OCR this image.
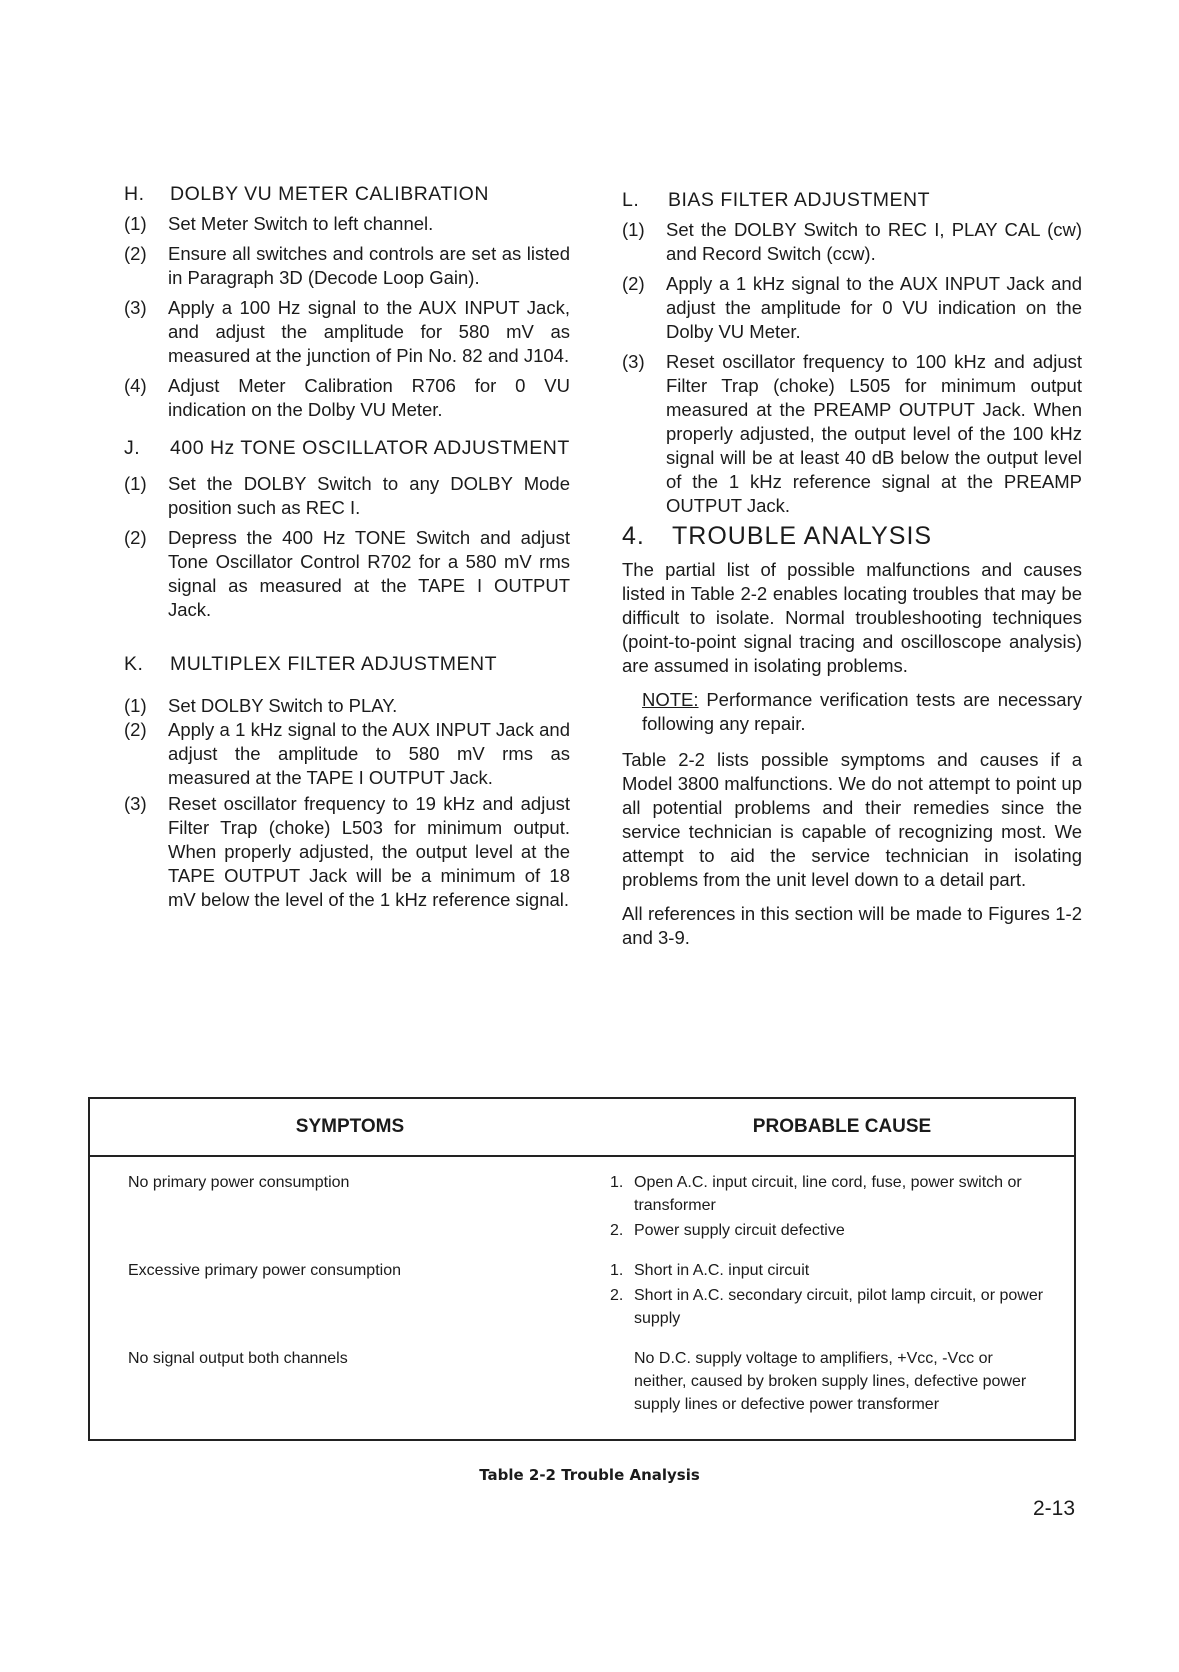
H.	DOLBY VU METER CALIBRATION
(1)	Set Meter Switch to left channel.
(2)	Ensure all switches and controls are set as listed in Paragraph 3D (Decode Loop Gain).
(3)	Apply a 100 Hz signal to the AUX INPUT Jack, and adjust the amplitude for 580 mV as measured at the junction of Pin No. 82 and J104.
(4)	Adjust Meter Calibration R706 for 0 VU indication on the Dolby VU Meter.
J.	400 Hz TONE OSCILLATOR ADJUSTMENT
(1)	Set the DOLBY Switch to any DOLBY Mode position such as REC I.
(2)	Depress the 400 Hz TONE Switch and adjust Tone Oscillator Control R702 for a 580 mV rms signal as measured at the TAPE I OUTPUT Jack.
K.	MULTIPLEX FILTER ADJUSTMENT
(1)	Set DOLBY Switch to PLAY.
(2)	Apply a 1 kHz signal to the AUX INPUT Jack and adjust the amplitude to 580 mV rms as measured at the TAPE I OUTPUT Jack.
(3)	Reset oscillator frequency to 19 kHz and adjust Filter Trap (choke) L503 for minimum output. When properly adjusted, the output level at the TAPE OUTPUT Jack will be a minimum of 18 mV below the level of the 1 kHz reference signal.
L.	BIAS FILTER ADJUSTMENT
(1)	Set the DOLBY Switch to REC I, PLAY CAL (cw) and Record Switch (ccw).
(2)	Apply a 1 kHz signal to the AUX INPUT Jack and adjust the amplitude for 0 VU indication on the Dolby VU Meter.
(3)	Reset oscillator frequency to 100 kHz and adjust Filter Trap (choke) L505 for minimum output measured at the PREAMP OUTPUT Jack. When properly adjusted, the output level of the 100 kHz signal will be at least 40 dB below the output level of the 1 kHz reference signal at the PREAMP OUTPUT Jack.
4.	TROUBLE ANALYSIS
The partial list of possible malfunctions and causes listed in Table 2-2 enables locating troubles that may be difficult to isolate. Normal troubleshooting techniques (point-to-point signal tracing and oscilloscope analysis) are assumed in isolating problems.
NOTE: Performance verification tests are necessary following any repair.
Table 2-2 lists possible symptoms and causes if a Model 3800 malfunctions. We do not attempt to point up all potential problems and their remedies since the service technician is capable of recognizing most. We attempt to aid the service technician in isolating problems from the unit level down to a detail part.
All references in this section will be made to Figures 1-2 and 3-9.
SYMPTOMS	PROBABLE CAUSE
No primary power consumption	1. Open A.C. input circuit, line cord, fuse, power switch or transformer
2. Power supply circuit defective
Excessive primary power consumption	1. Short in A.C. input circuit
2. Short in A.C. secondary circuit, pilot lamp circuit, or power supply
No signal output both channels	No D.C. supply voltage to amplifiers, +Vcc, -Vcc or neither, caused by broken supply lines, defective power supply lines or defective power transformer
Table 2-2 Trouble Analysis
2-13
